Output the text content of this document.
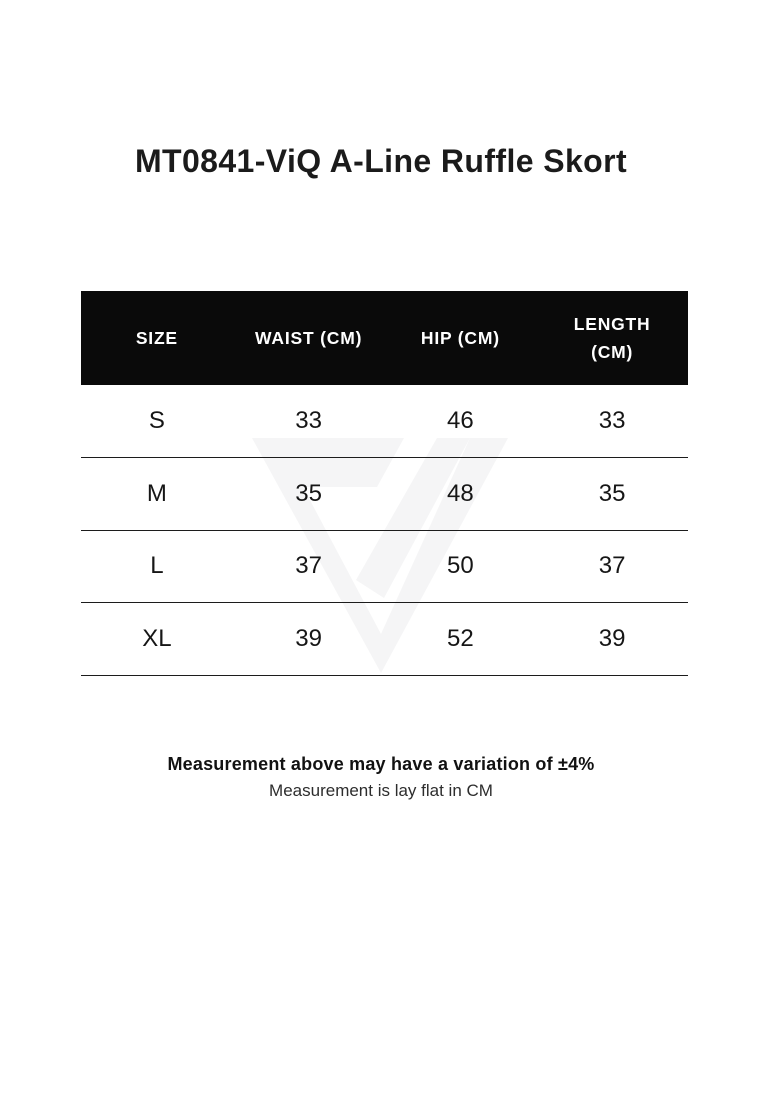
MT0841-ViQ A-Line Ruffle Skort
SIZE	WAIST (CM)	HIP (CM)	LENGTH (CM)
S	33	46	33
M	35	48	35
L	37	50	37
XL	39	52	39

Measurement above may have a variation of ±4%

Measurement is lay flat in CM
